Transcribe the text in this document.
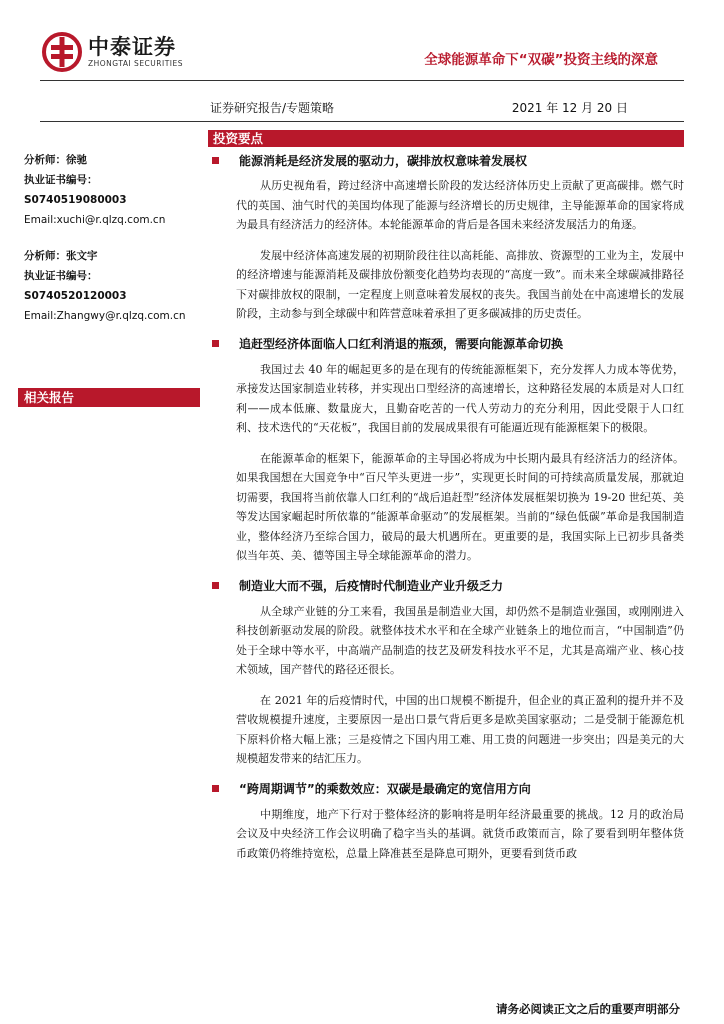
中泰证券
ZHONGTAI SECURITIES	全球能源革命下“双碳”投资主线的深意
证券研究报告/专题策略	2021 年 12 月 20 日
投资要点
分析师：徐驰
执业证书编号：S0740519080003
Email:xuchi@r.qlzq.com.cn
分析师：张文宇
执业证书编号：S0740520120003
Email:Zhangwy@r.qlzq.com.cn
相关报告
能源消耗是经济发展的驱动力，碳排放权意味着发展权

从历史视角看，跨过经济中高速增长阶段的发达经济体历史上贡献了更高碳排。燃气时代的英国、油气时代的美国均体现了能源与经济增长的历史规律，主导能源革命的国家将成为最具有经济活力的经济体。本轮能源革命的背后是各国未来经济发展活力的角逐。

发展中经济体高速发展的初期阶段往往以高耗能、高排放、资源型的工业为主，发展中的经济增速与能源消耗及碳排放份额变化趋势均表现的“高度一致”。而未来全球碳减排路径下对碳排放权的限制，一定程度上则意味着发展权的丧失。我国当前处在中高速增长的发展阶段，主动参与到全球碳中和阵营意味着承担了更多碳减排的历史责任。

追赶型经济体面临人口红利消退的瓶颈，需要向能源革命切换

我国过去 40 年的崛起更多的是在现有的传统能源框架下，充分发挥人力成本等优势，承接发达国家制造业转移，并实现出口型经济的高速增长，这种路径发展的本质是对人口红利——成本低廉、数量庞大，且勤奋吃苦的一代人劳动力的充分利用，因此受限于人口红利、技术迭代的“天花板”，我国目前的发展成果很有可能逼近现有能源框架下的极限。

在能源革命的框架下，能源革命的主导国必将成为中长期内最具有经济活力的经济体。如果我国想在大国竞争中“百尺竿头更进一步”，实现更长时间的可持续高质量发展，那就迫切需要，我国将当前依靠人口红利的“战后追赶型”经济体发展框架切换为 19-20 世纪英、美等发达国家崛起时所依靠的“能源革命驱动”的发展框架。当前的“绿色低碳”革命是我国制造业，整体经济乃至综合国力，破局的最大机遇所在。更重要的是，我国实际上已初步具备类似当年英、美、德等国主导全球能源革命的潜力。

制造业大而不强，后疫情时代制造业产业升级乏力

从全球产业链的分工来看，我国虽是制造业大国，却仍然不是制造业强国，或刚刚进入科技创新驱动发展的阶段。就整体技术水平和在全球产业链条上的地位而言，“中国制造”仍处于全球中等水平，中高端产品制造的技艺及研发科技水平不足，尤其是高端产业、核心技术领域，国产替代的路径还很长。

在 2021 年的后疫情时代，中国的出口规模不断提升，但企业的真正盈利的提升并不及营收规模提升速度，主要原因一是出口景气背后更多是欧美国家驱动；二是受制于能源危机下原料价格大幅上涨；三是疫情之下国内用工难、用工贵的问题进一步突出；四是美元的大规模超发带来的结汇压力。

“跨周期调节”的乘数效应：双碳是最确定的宽信用方向

中期维度，地产下行对于整体经济的影响将是明年经济最重要的挑战。12 月的政治局会议及中央经济工作会议明确了稳字当头的基调。就货币政策而言，除了要看到明年整体货币政策仍将维持宽松，总量上降准甚至是降息可期外，更要看到货币政

请务必阅读正文之后的重要声明部分
